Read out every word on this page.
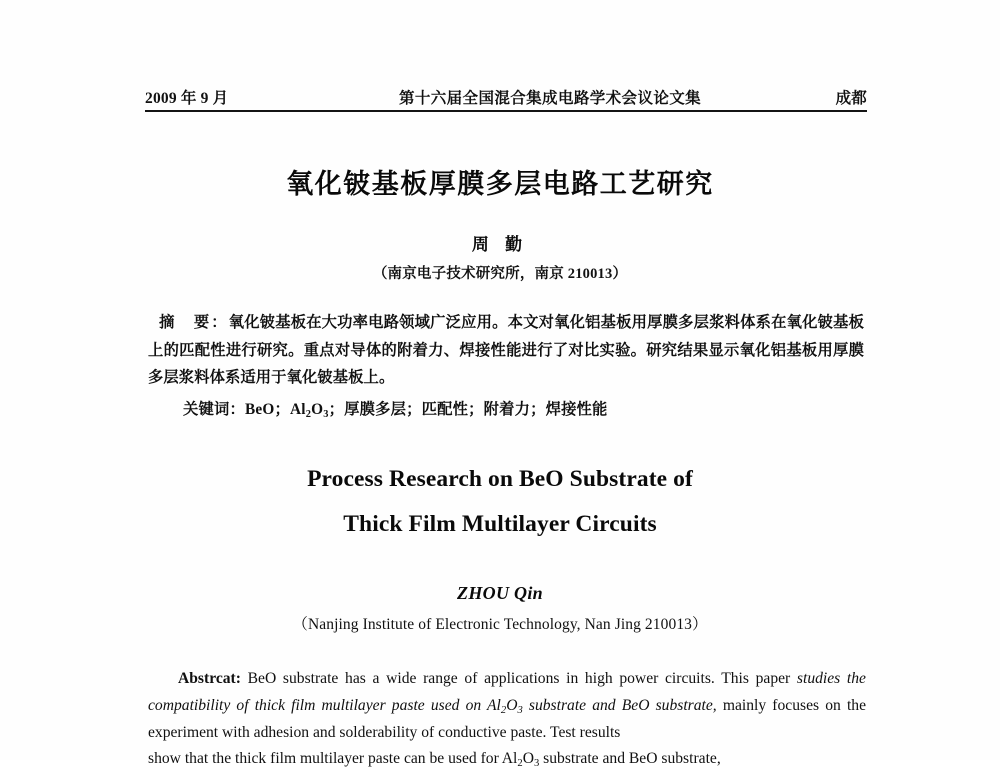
2009 年 9 月	第十六届全国混合集成电路学术会议论文集	成都
氧化铍基板厚膜多层电路工艺研究
周 勤
（南京电子技术研究所，南京 210013）
摘　要：氧化铍基板在大功率电路领域广泛应用。本文对氧化铝基板用厚膜多层浆料体系在氧化铍基板上的匹配性进行研究。重点对导体的附着力、焊接性能进行了对比实验。研究结果显示氧化铝基板用厚膜多层浆料体系适用于氧化铍基板上。
关键词：BeO；$Al_2O_3$；厚膜多层；匹配性；附着力；焊接性能
Process Research on BeO Substrate of
Thick Film Multilayer Circuits
ZHOU Qin
（Nanjing Institute of Electronic Technology, Nan Jing 210013）
Abstrcat: BeO substrate has a wide range of applications in high power circuits. This paper studies the compatibility of thick film multilayer paste used on $Al_2O_3$ substrate and BeO substrate, mainly focuses on the experiment with adhesion and solderability of conductive paste. Test results
show that the thick film multilayer paste can be used for $Al_2O_3$ substrate and BeO substrate,
